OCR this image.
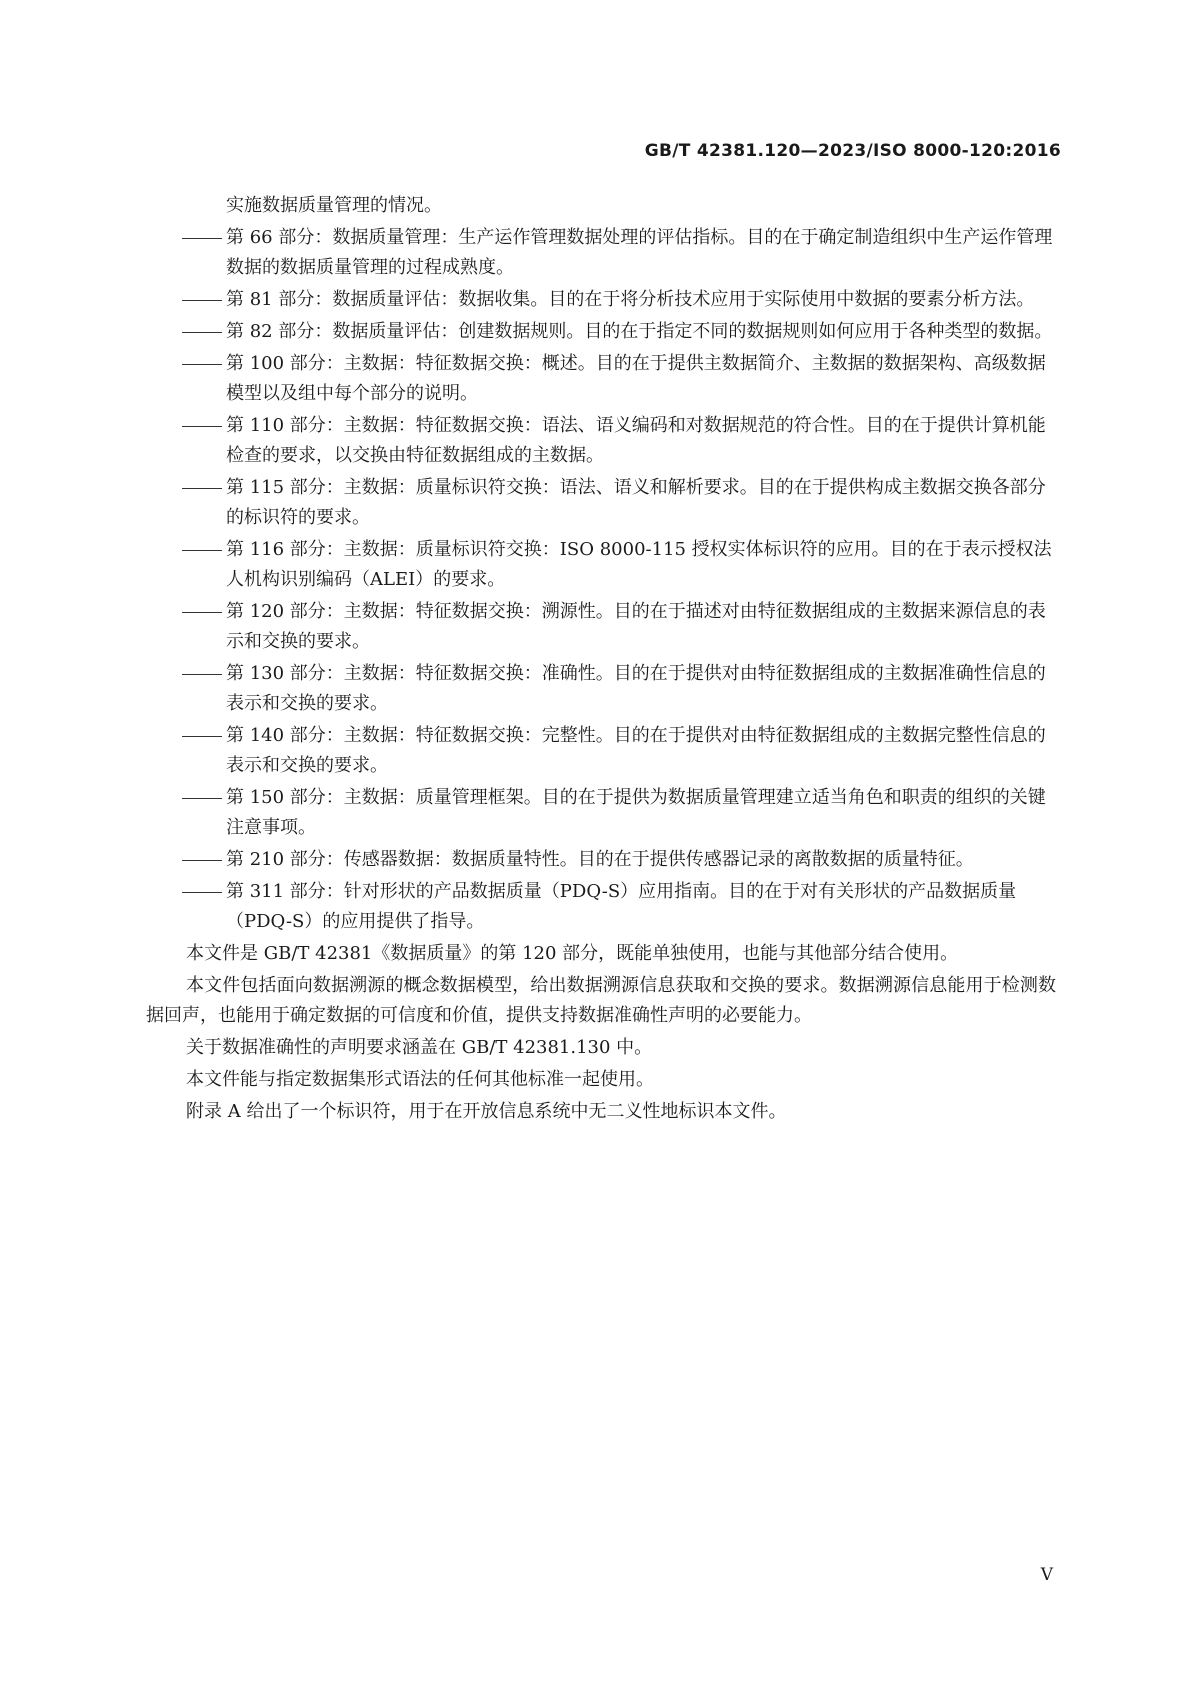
GB/T 42381.120—2023/ISO 8000-120:2016
实施数据质量管理的情况。
第 66 部分：数据质量管理：生产运作管理数据处理的评估指标。目的在于确定制造组织中生产运作管理数据的数据质量管理的过程成熟度。
第 81 部分：数据质量评估：数据收集。目的在于将分析技术应用于实际使用中数据的要素分析方法。
第 82 部分：数据质量评估：创建数据规则。目的在于指定不同的数据规则如何应用于各种类型的数据。
第 100 部分：主数据：特征数据交换：概述。目的在于提供主数据简介、主数据的数据架构、高级数据模型以及组中每个部分的说明。
第 110 部分：主数据：特征数据交换：语法、语义编码和对数据规范的符合性。目的在于提供计算机能检查的要求，以交换由特征数据组成的主数据。
第 115 部分：主数据：质量标识符交换：语法、语义和解析要求。目的在于提供构成主数据交换各部分的标识符的要求。
第 116 部分：主数据：质量标识符交换：ISO 8000-115 授权实体标识符的应用。目的在于表示授权法人机构识别编码（ALEI）的要求。
第 120 部分：主数据：特征数据交换：溯源性。目的在于描述对由特征数据组成的主数据来源信息的表示和交换的要求。
第 130 部分：主数据：特征数据交换：准确性。目的在于提供对由特征数据组成的主数据准确性信息的表示和交换的要求。
第 140 部分：主数据：特征数据交换：完整性。目的在于提供对由特征数据组成的主数据完整性信息的表示和交换的要求。
第 150 部分：主数据：质量管理框架。目的在于提供为数据质量管理建立适当角色和职责的组织的关键注意事项。
第 210 部分：传感器数据：数据质量特性。目的在于提供传感器记录的离散数据的质量特征。
第 311 部分：针对形状的产品数据质量（PDQ-S）应用指南。目的在于对有关形状的产品数据质量（PDQ-S）的应用提供了指导。
本文件是 GB/T 42381《数据质量》的第 120 部分，既能单独使用，也能与其他部分结合使用。
本文件包括面向数据溯源的概念数据模型，给出数据溯源信息获取和交换的要求。数据溯源信息能用于检测数据回声，也能用于确定数据的可信度和价值，提供支持数据准确性声明的必要能力。
关于数据准确性的声明要求涵盖在 GB/T 42381.130 中。
本文件能与指定数据集形式语法的任何其他标准一起使用。
附录 A 给出了一个标识符，用于在开放信息系统中无二义性地标识本文件。
V
